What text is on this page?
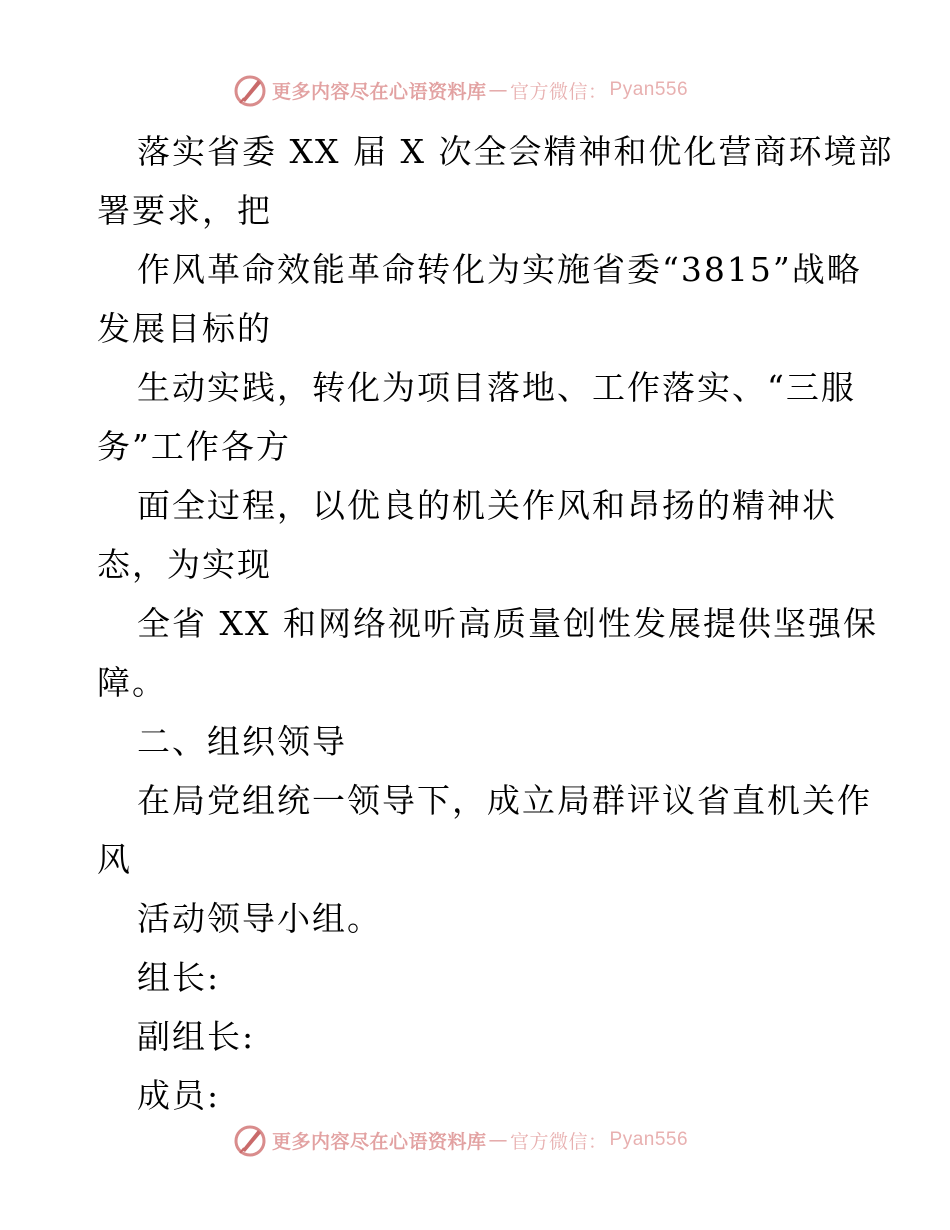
更多内容尽在心语资料库 — 官方微信： Pyan556
落实省委 XX 届 X 次全会精神和优化营商环境部
署要求，把
作风革命效能革命转化为实施省委“3815”战略
发展目标的
生动实践，转化为项目落地、工作落实、“三服
务”工作各方
面全过程，以优良的机关作风和昂扬的精神状
态，为实现
全省 XX 和网络视听高质量创性发展提供坚强保
障。
二、组织领导
在局党组统一领导下，成立局群评议省直机关作
风
活动领导小组。
组长:
副组长:
成员:
更多内容尽在心语资料库 — 官方微信： Pyan556
